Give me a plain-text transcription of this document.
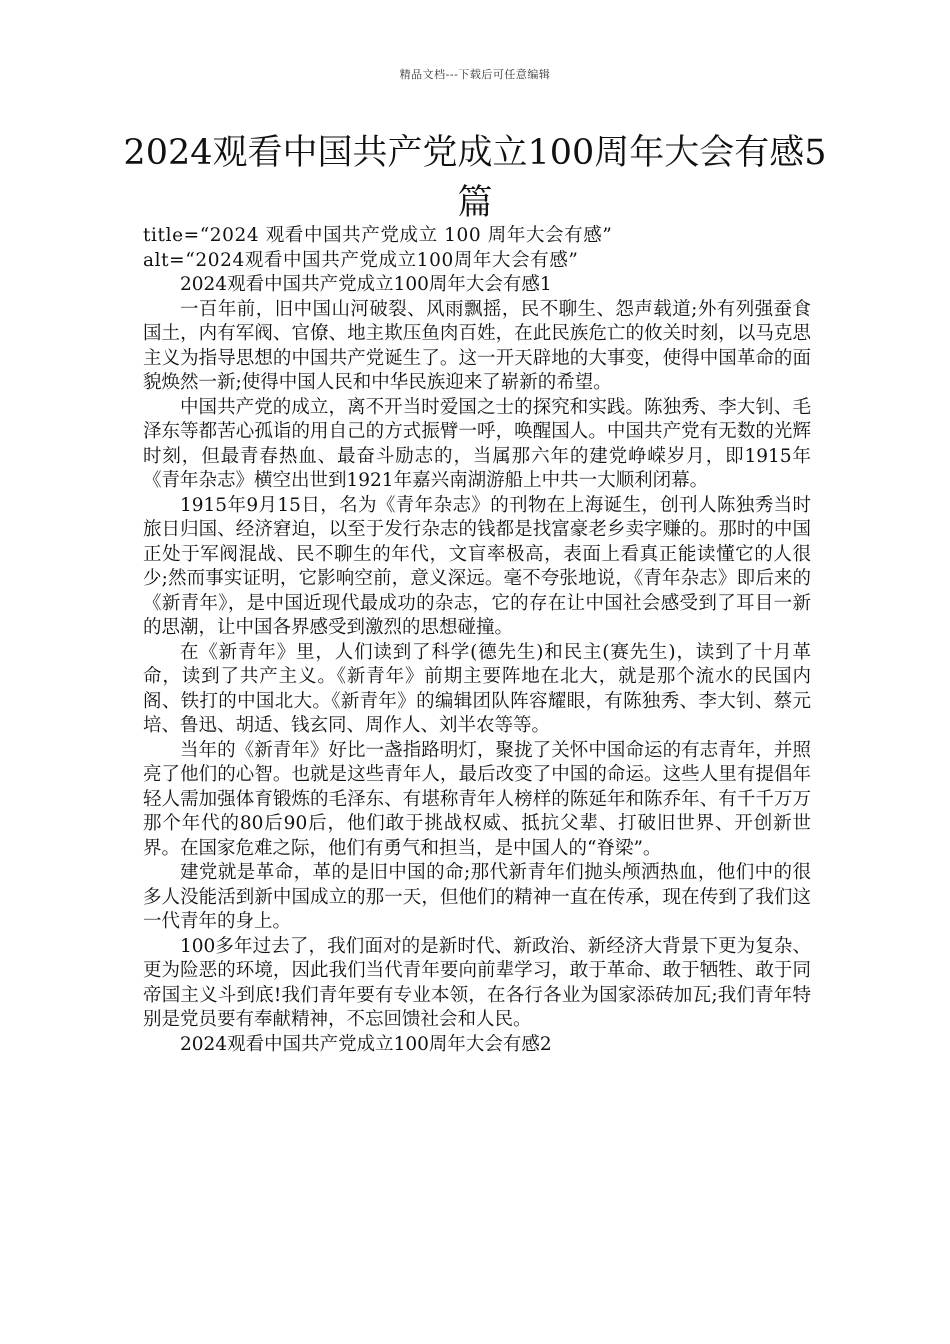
精品文档---下载后可任意编辑
2024观看中国共产党成立100周年大会有感5篇

title=“2024 观看中国共产党成立 100 周年大会有感”
alt=“2024观看中国共产党成立100周年大会有感”

2024观看中国共产党成立100周年大会有感1

一百年前，旧中国山河破裂、风雨飘摇，民不聊生、怨声载道;外有列强蚕食国土，内有军阀、官僚、地主欺压鱼肉百姓，在此民族危亡的攸关时刻，以马克思主义为指导思想的中国共产党诞生了。这一开天辟地的大事变，使得中国革命的面貌焕然一新;使得中国人民和中华民族迎来了崭新的希望。

中国共产党的成立，离不开当时爱国之士的探究和实践。陈独秀、李大钊、毛泽东等都苦心孤诣的用自己的方式振臂一呼，唤醒国人。中国共产党有无数的光辉时刻，但最青春热血、最奋斗励志的，当属那六年的建党峥嵘岁月，即1915年《青年杂志》横空出世到1921年嘉兴南湖游船上中共一大顺利闭幕。

1915年9月15日，名为《青年杂志》的刊物在上海诞生，创刊人陈独秀当时旅日归国、经济窘迫，以至于发行杂志的钱都是找富豪老乡卖字赚的。那时的中国正处于军阀混战、民不聊生的年代，文盲率极高，表面上看真正能读懂它的人很少;然而事实证明，它影响空前，意义深远。毫不夸张地说，《青年杂志》即后来的《新青年》，是中国近现代最成功的杂志，它的存在让中国社会感受到了耳目一新的思潮，让中国各界感受到激烈的思想碰撞。

在《新青年》里，人们读到了科学(德先生)和民主(赛先生)，读到了十月革命，读到了共产主义。《新青年》前期主要阵地在北大，就是那个流水的民国内阁、铁打的中国北大。《新青年》的编辑团队阵容耀眼，有陈独秀、李大钊、蔡元培、鲁迅、胡适、钱玄同、周作人、刘半农等等。

当年的《新青年》好比一盏指路明灯，聚拢了关怀中国命运的有志青年，并照亮了他们的心智。也就是这些青年人，最后改变了中国的命运。这些人里有提倡年轻人需加强体育锻炼的毛泽东、有堪称青年人榜样的陈延年和陈乔年、有千千万万那个年代的80后90后，他们敢于挑战权威、抵抗父辈、打破旧世界、开创新世界。在国家危难之际，他们有勇气和担当，是中国人的“脊梁”。

建党就是革命，革的是旧中国的命;那代新青年们抛头颅洒热血，他们中的很多人没能活到新中国成立的那一天，但他们的精神一直在传承，现在传到了我们这一代青年的身上。

100多年过去了，我们面对的是新时代、新政治、新经济大背景下更为复杂、更为险恶的环境，因此我们当代青年要向前辈学习，敢于革命、敢于牺牲、敢于同帝国主义斗到底!我们青年要有专业本领，在各行各业为国家添砖加瓦;我们青年特别是党员要有奉献精神，不忘回馈社会和人民。

2024观看中国共产党成立100周年大会有感2
